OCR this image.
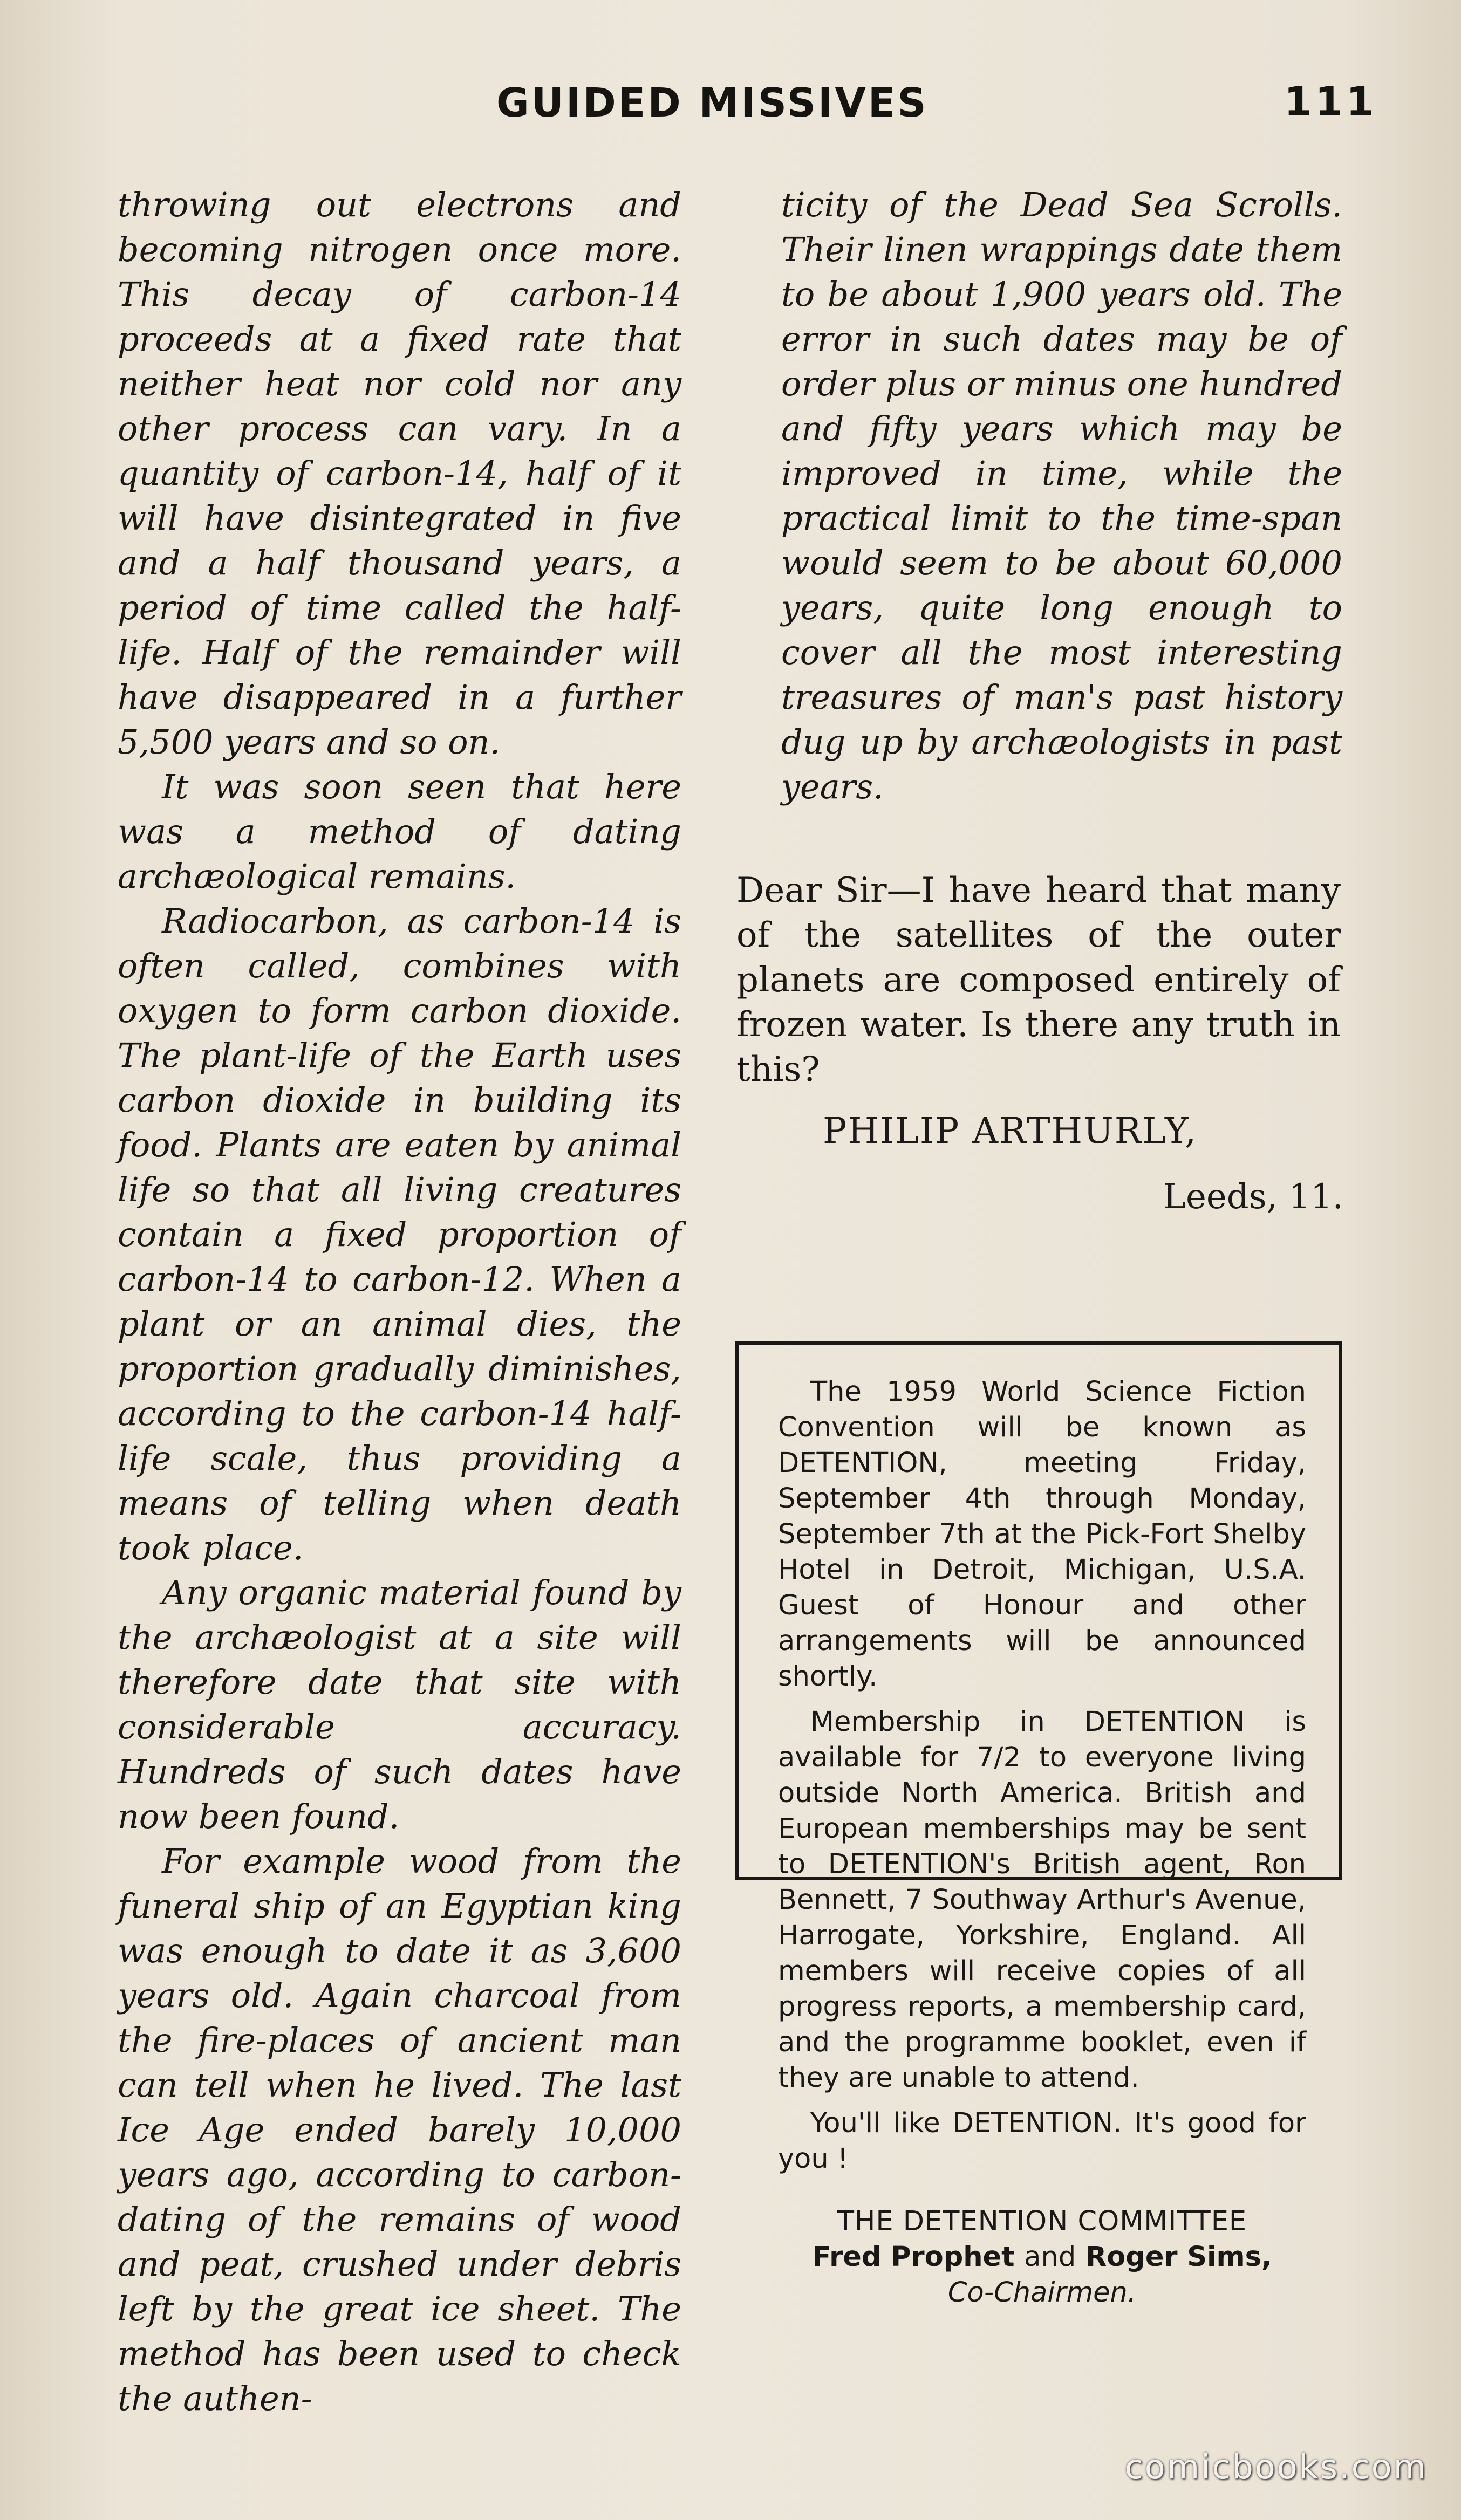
GUIDED MISSIVES	111

throwing out electrons and becoming nitrogen once more. This decay of carbon-14 proceeds at a fixed rate that neither heat nor cold nor any other process can vary. In a quantity of carbon-14, half of it will have disintegrated in five and a half thousand years, a period of time called the half-life. Half of the remainder will have disappeared in a further 5,500 years and so on.

It was soon seen that here was a method of dating archæological remains.

Radiocarbon, as carbon-14 is often called, combines with oxygen to form carbon dioxide. The plant-life of the Earth uses carbon dioxide in building its food. Plants are eaten by animal life so that all living creatures contain a fixed proportion of carbon-14 to carbon-12. When a plant or an animal dies, the proportion gradually diminishes, according to the carbon-14 half-life scale, thus providing a means of telling when death took place.

Any organic material found by the archæologist at a site will therefore date that site with considerable accuracy. Hundreds of such dates have now been found.

For example wood from the funeral ship of an Egyptian king was enough to date it as 3,600 years old. Again charcoal from the fire-places of ancient man can tell when he lived. The last Ice Age ended barely 10,000 years ago, according to carbon-dating of the remains of wood and peat, crushed under debris left by the great ice sheet. The method has been used to check the authen-

ticity of the Dead Sea Scrolls. Their linen wrappings date them to be about 1,900 years old. The error in such dates may be of order plus or minus one hundred and fifty years which may be improved in time, while the practical limit to the time-span would seem to be about 60,000 years, quite long enough to cover all the most interesting treasures of man's past history dug up by archæologists in past years.

Dear Sir—I have heard that many of the satellites of the outer planets are composed entirely of frozen water. Is there any truth in this?

PHILIP ARTHURLY,
Leeds, 11.

The 1959 World Science Fiction Convention will be known as DETENTION, meeting Friday, September 4th through Monday, September 7th at the Pick-Fort Shelby Hotel in Detroit, Michigan, U.S.A. Guest of Honour and other arrangements will be announced shortly.

Membership in DETENTION is available for 7/2 to everyone living outside North America. British and European memberships may be sent to DETENTION's British agent, Ron Bennett, 7 Southway Arthur's Avenue, Harrogate, Yorkshire, England. All members will receive copies of all progress reports, a membership card, and the programme booklet, even if they are unable to attend.

You'll like DETENTION. It's good for you !

THE DETENTION COMMITTEE
Fred Prophet and Roger Sims,
Co-Chairmen.
comicbooks.com
